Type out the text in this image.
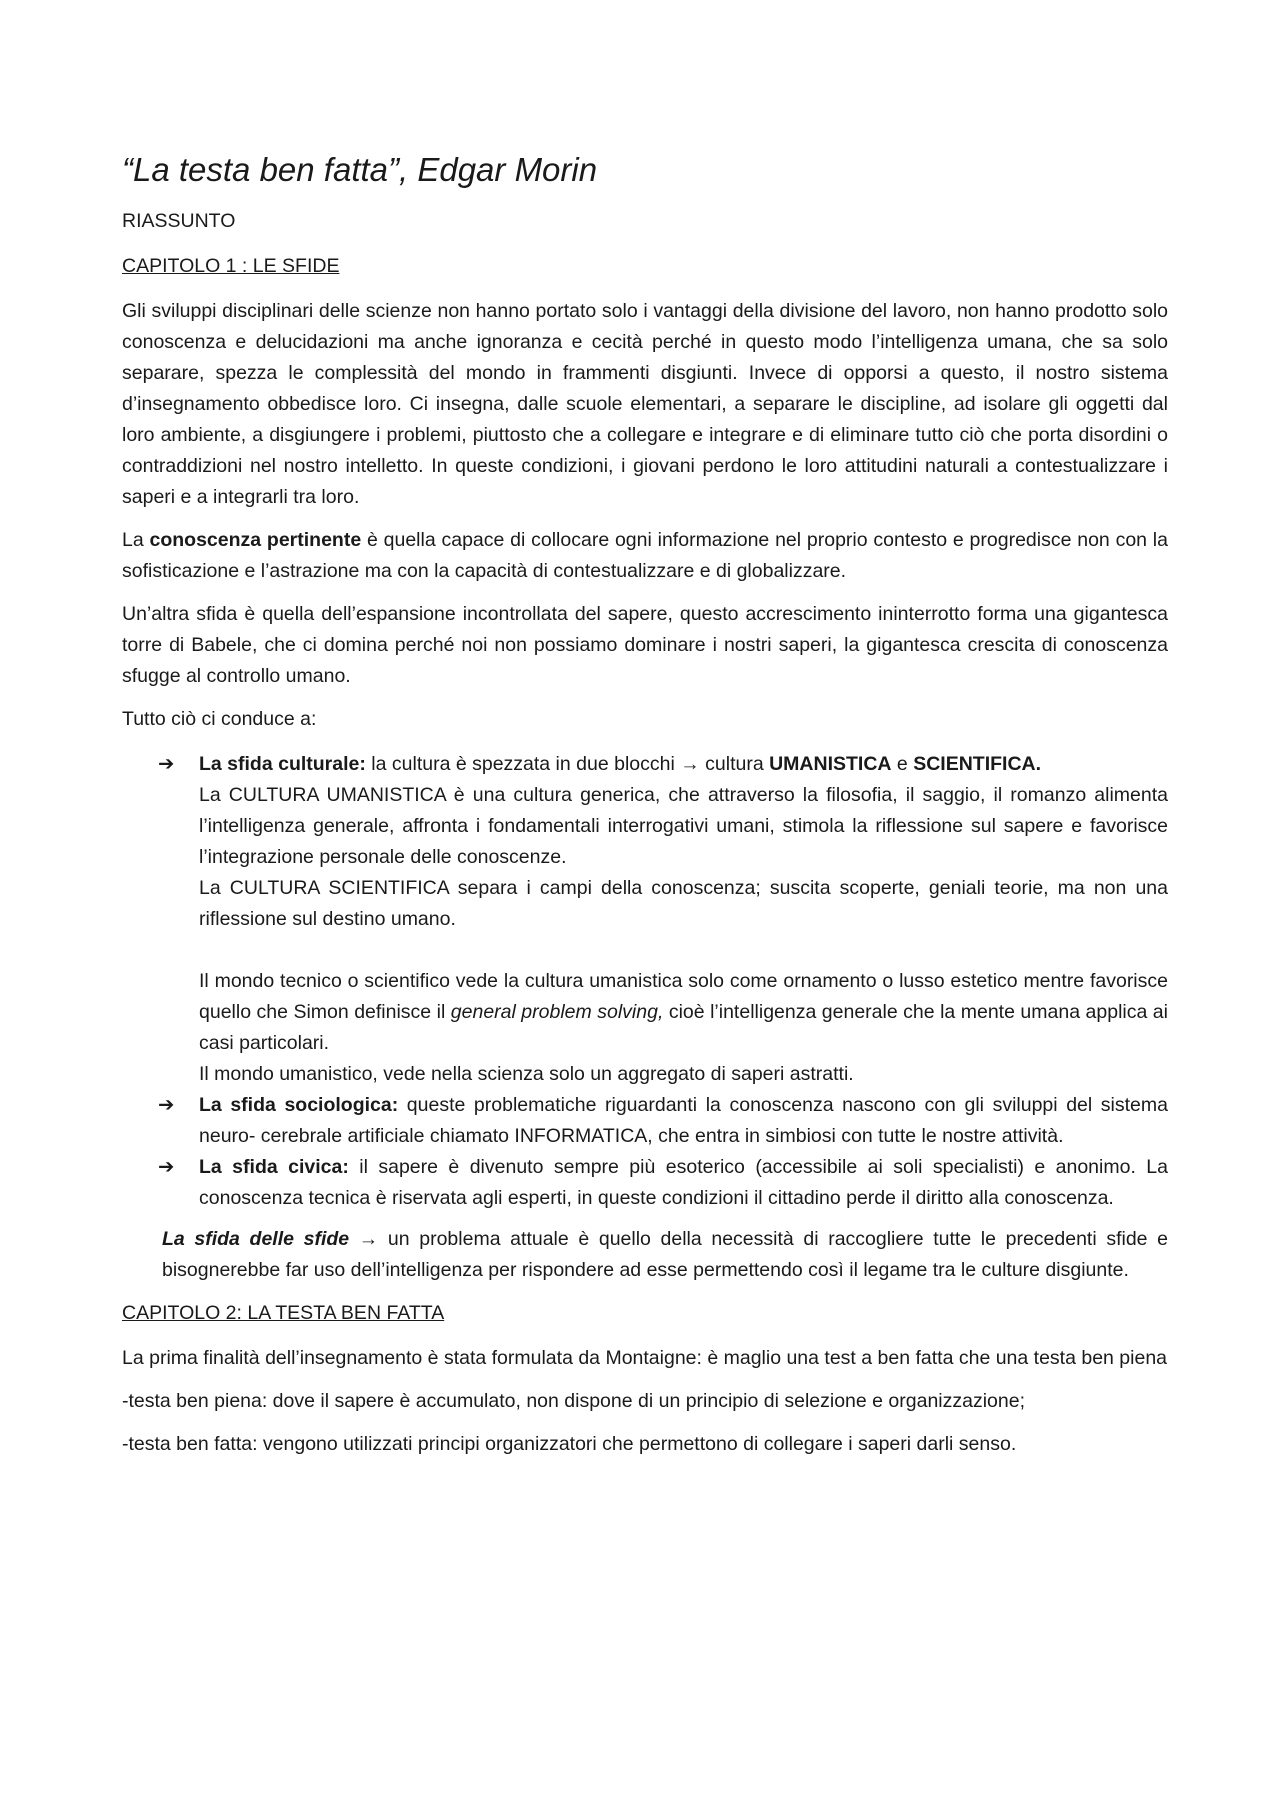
“La testa ben fatta”, Edgar Morin
RIASSUNTO
CAPITOLO 1 : LE SFIDE

Gli sviluppi disciplinari delle scienze non hanno portato solo i vantaggi della divisione del lavoro, non hanno prodotto solo conoscenza e delucidazioni ma anche ignoranza e cecità perché in questo modo l’intelligenza umana, che sa solo separare, spezza le complessità del mondo in frammenti disgiunti. Invece di opporsi a questo, il nostro sistema d’insegnamento obbedisce loro. Ci insegna, dalle scuole elementari, a separare le discipline, ad isolare gli oggetti dal loro ambiente, a disgiungere i problemi, piuttosto che a collegare e integrare e di eliminare tutto ciò che porta disordini o contraddizioni nel nostro intelletto. In queste condizioni, i giovani perdono le loro attitudini naturali a contestualizzare i saperi e a integrarli tra loro.

La conoscenza pertinente è quella capace di collocare ogni informazione nel proprio contesto e progredisce non con la sofisticazione e l’astrazione ma con la capacità di contestualizzare e di globalizzare.

Un’altra sfida è quella dell’espansione incontrollata del sapere, questo accrescimento ininterrotto forma una gigantesca torre di Babele, che ci domina perché noi non possiamo dominare i nostri saperi, la gigantesca crescita di conoscenza sfugge al controllo umano.

Tutto ciò ci conduce a:

➔ La sfida culturale: la cultura è spezzata in due blocchi → cultura UMANISTICA e SCIENTIFICA.
La CULTURA UMANISTICA è una cultura generica, che attraverso la filosofia, il saggio, il romanzo alimenta l’intelligenza generale, affronta i fondamentali interrogativi umani, stimola la riflessione sul sapere e favorisce l’integrazione personale delle conoscenze.
La CULTURA SCIENTIFICA separa i campi della conoscenza; suscita scoperte, geniali teorie, ma non una riflessione sul destino umano.
Il mondo tecnico o scientifico vede la cultura umanistica solo come ornamento o lusso estetico mentre favorisce quello che Simon definisce il general problem solving, cioè l’intelligenza generale che la mente umana applica ai casi particolari.
Il mondo umanistico, vede nella scienza solo un aggregato di saperi astratti.
➔ La sfida sociologica: queste problematiche riguardanti la conoscenza nascono con gli sviluppi del sistema neuro- cerebrale artificiale chiamato INFORMATICA, che entra in simbiosi con tutte le nostre attività.
➔ La sfida civica: il sapere è divenuto sempre più esoterico (accessibile ai soli specialisti) e anonimo. La conoscenza tecnica è riservata agli esperti, in queste condizioni il cittadino perde il diritto alla conoscenza.

La sfida delle sfide → un problema attuale è quello della necessità di raccogliere tutte le precedenti sfide e bisognerebbe far uso dell’intelligenza per rispondere ad esse permettendo così il legame tra le culture disgiunte.

CAPITOLO 2: LA TESTA BEN FATTA

La prima finalità dell’insegnamento è stata formulata da Montaigne: è maglio una test a ben fatta che una testa ben piena

-testa ben piena: dove il sapere è accumulato, non dispone di un principio di selezione e organizzazione;

-testa ben fatta: vengono utilizzati principi organizzatori che permettono di collegare i saperi darli senso.
